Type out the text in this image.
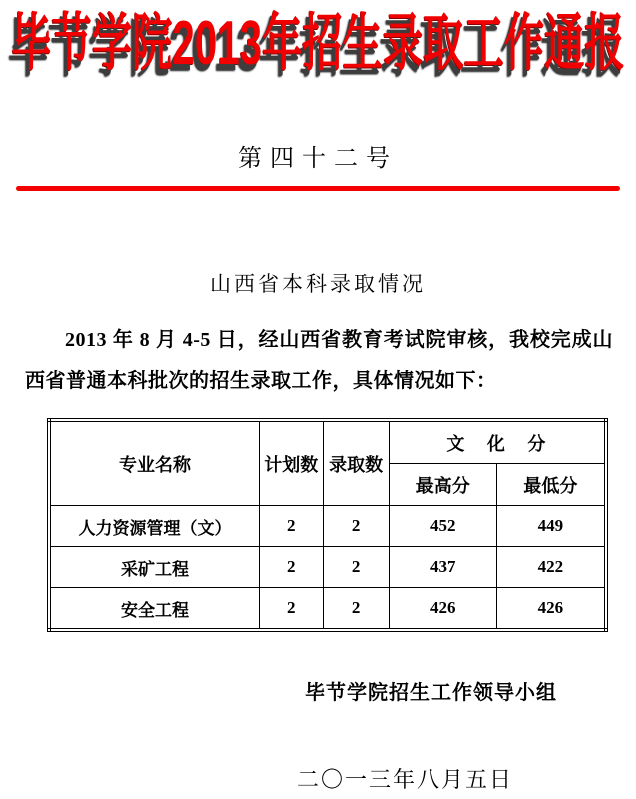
毕节学院2013年招生录取工作通报
第四十二号
山西省本科录取情况
2013 年 8 月 4-5 日，经山西省教育考试院审核，我校完成山西省普通本科批次的招生录取工作，具体情况如下：
专业名称	计划数	录取数	文 化 分	
			最高分	最低分
人力资源管理（文）	2	2	452	449
采矿工程	2	2	437	422
安全工程	2	2	426	426
毕节学院招生工作领导小组
二〇一三年八月五日
